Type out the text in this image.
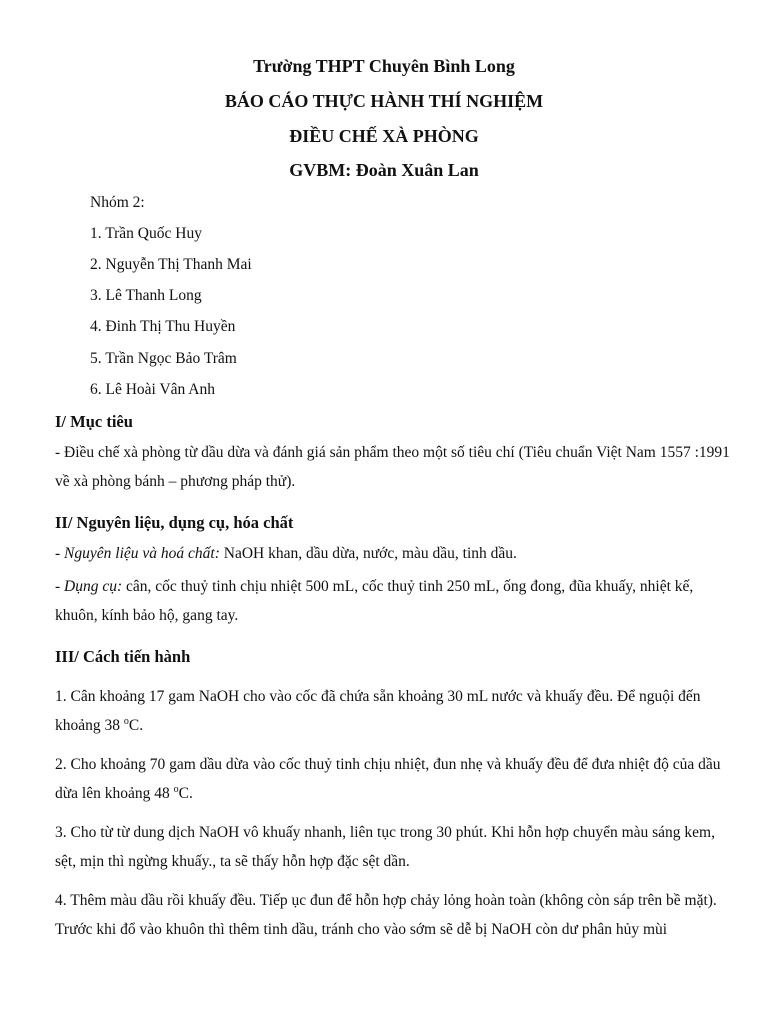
Trường THPT Chuyên Bình Long

BÁO CÁO THỰC HÀNH THÍ NGHIỆM

ĐIỀU CHẾ XÀ PHÒNG

GVBM: Đoàn Xuân Lan

Nhóm 2:

1. Trần Quốc Huy

2. Nguyễn Thị Thanh Mai

3. Lê Thanh Long

4. Đinh Thị Thu Huyền

5. Trần Ngọc Bảo Trâm

6. Lê Hoài Vân Anh

I/ Mục tiêu

- Điều chế xà phòng từ dầu dừa và đánh giá sản phẩm theo một số tiêu chí (Tiêu chuẩn Việt Nam 1557 :1991 về xà phòng bánh – phương pháp thử).

II/ Nguyên liệu, dụng cụ, hóa chất

- Nguyên liệu và hoá chất: NaOH khan, dầu dừa, nước, màu dầu, tinh dầu.

- Dụng cụ: cân, cốc thuỷ tinh chịu nhiệt 500 mL, cốc thuỷ tinh 250 mL, ống đong, đũa khuấy, nhiệt kế, khuôn, kính bảo hộ, gang tay.

III/ Cách tiến hành

1. Cân khoảng 17 gam NaOH cho vào cốc đã chứa sẵn khoảng 30 mL nước và khuấy đều. Để nguội đến khoảng 38 $^o$C.

2. Cho khoảng 70 gam dầu dừa vào cốc thuỷ tinh chịu nhiệt, đun nhẹ và khuấy đều để đưa nhiệt độ của dầu dừa lên khoảng 48 $^o$C.

3. Cho từ từ dung dịch NaOH vô khuấy nhanh, liên tục trong 30 phút. Khi hỗn hợp chuyển màu sáng kem, sệt, mịn thì ngừng khuấy., ta sẽ thấy hỗn hợp đặc sệt dần.

4. Thêm màu dầu rồi khuấy đều. Tiếp ục đun để hỗn hợp chảy lỏng hoàn toàn (không còn sáp trên bề mặt). Trước khi đổ vào khuôn thì thêm tinh dầu, tránh cho vào sớm sẽ dễ bị NaOH còn dư phân hủy mùi
